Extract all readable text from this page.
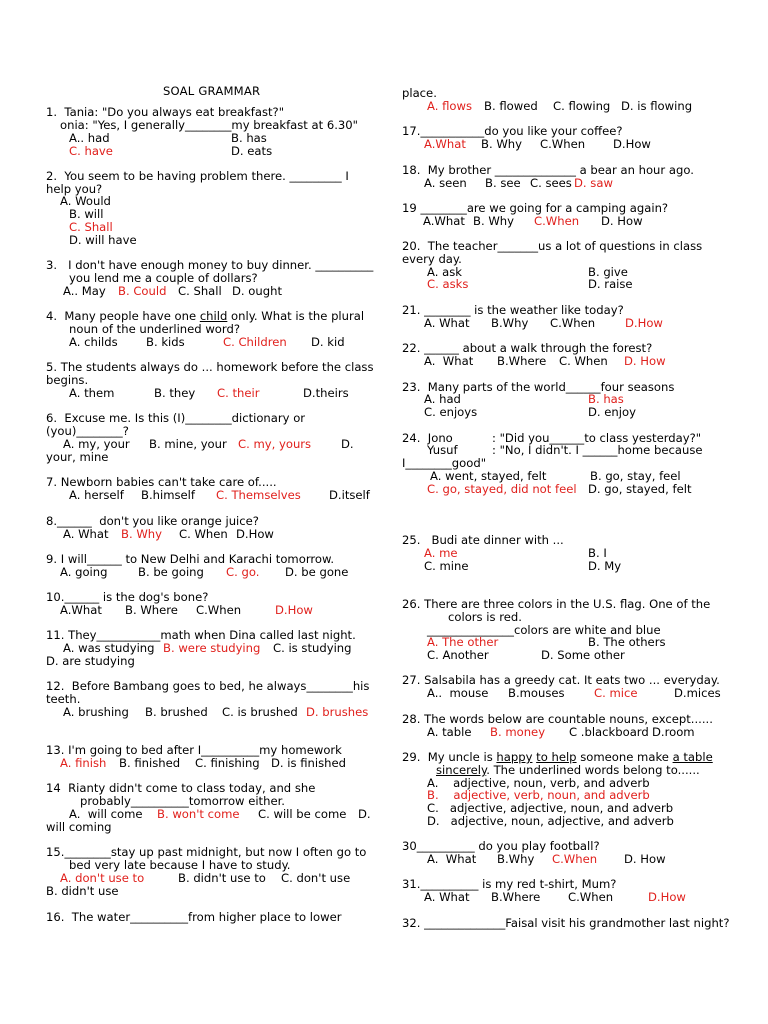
SOAL GRAMMAR
1.  Tania: "Do you always eat breakfast?"
onia: "Yes, I generally________my breakfast at 6.30"
A.. had	B. has
C. have	D. eats
2.  You seem to be having problem there. _________ I
help you?
A. Would
B. will
C. Shall
D. will have
3.   I don't have enough money to buy dinner. __________
you lend me a couple of dollars?
A.. May B. Could C. Shall D. ought
4.  Many people have one child only. What is the plural
noun of the underlined word?
A. childs B. kids	C. Children D. kid
5. The students always do ... homework before the class
begins.
A. them	B. they C. their	D.theirs
6.  Excuse me. Is this (I)________dictionary or
(you)________?
A. my, your B. mine, your C. my, yours	D.
your, mine
7. Newborn babies can't take care of.....
A. herself B.himself C. Themselves D.itself
8.______  don't you like orange juice?
A. What B. Why C. When D.How
9. I will______ to New Delhi and Karachi tomorrow.
A. going	B. be going C. go. D. be gone
10.______ is the dog's bone?
A.What B. Where C.When	D.How
11. They___________math when Dina called last night.
A. was studying B. were studying C. is studying
D. are studying
12.  Before Bambang goes to bed, he always________his
teeth.
A. brushing B. brushed C. is brushed D. brushes
13. I'm going to bed after I__________my homework
A. finish B. finished C. finishing D. is finished
14  Rianty didn't come to class today, and she
probably__________tomorrow either.
A.  will come B. won't come C. will be come D.
will coming
15.________stay up past midnight, but now I often go to
bed very late because I have to study.
A. don't use to	B. didn't use to C. don't use
B. didn't use
16.  The water__________from higher place to lower
place.
A. flows B. flowed C. flowing D. is flowing
17.___________do you like your coffee?
A.What B. Why C.When D.How
18.  My brother ______________ a bear an hour ago.
A. seen B. see C. sees D. saw
19 ________are we going for a camping again?
A.What B. Why C.When D. How
20.  The teacher_______us a lot of questions in class
every day.
A. ask	B. give
C. asks	D. raise
21. ________ is the weather like today?
A. What B.Why C.When	D.How
22. ______ about a walk through the forest?
A.  What B.Where C. When D. How
23.  Many parts of the world______four seasons
A. had	B. has
C. enjoys	D. enjoy
24.  Jono	: "Did you______to class yesterday?"
Yusuf	: "No, I didn't. I ______home because
I________good"
A. went, stayed, felt	B. go, stay, feel
C. go, stayed, did not feel D. go, stayed, felt
25.   Budi ate dinner with ...
A. me	B. I
C. mine	D. My
26. There are three colors in the U.S. flag. One of the
colors is red.
_______________colors are white and blue
A. The other	B. The others
C. Another	D. Some other
27. Salsabila has a greedy cat. It eats two ... everyday.
A..  mouse B.mouses	C. mice	D.mices
28. The words below are countable nouns, except......
A. table B. money C .blackboard D.room
29.  My uncle is happy to help someone make a table
sincerely. The underlined words belong to......
A.    adjective, noun, verb, and adverb
B.    adjective, verb, noun, and adverb
C.   adjective, adjective, noun, and adverb
D.   adjective, noun, adjective, and adverb
30__________ do you play football?
A.  What B.Why C.When D. How
31.__________ is my red t-shirt, Mum?
A. What B.Where C.When	D.How
32. ______________Faisal visit his grandmother last night?
